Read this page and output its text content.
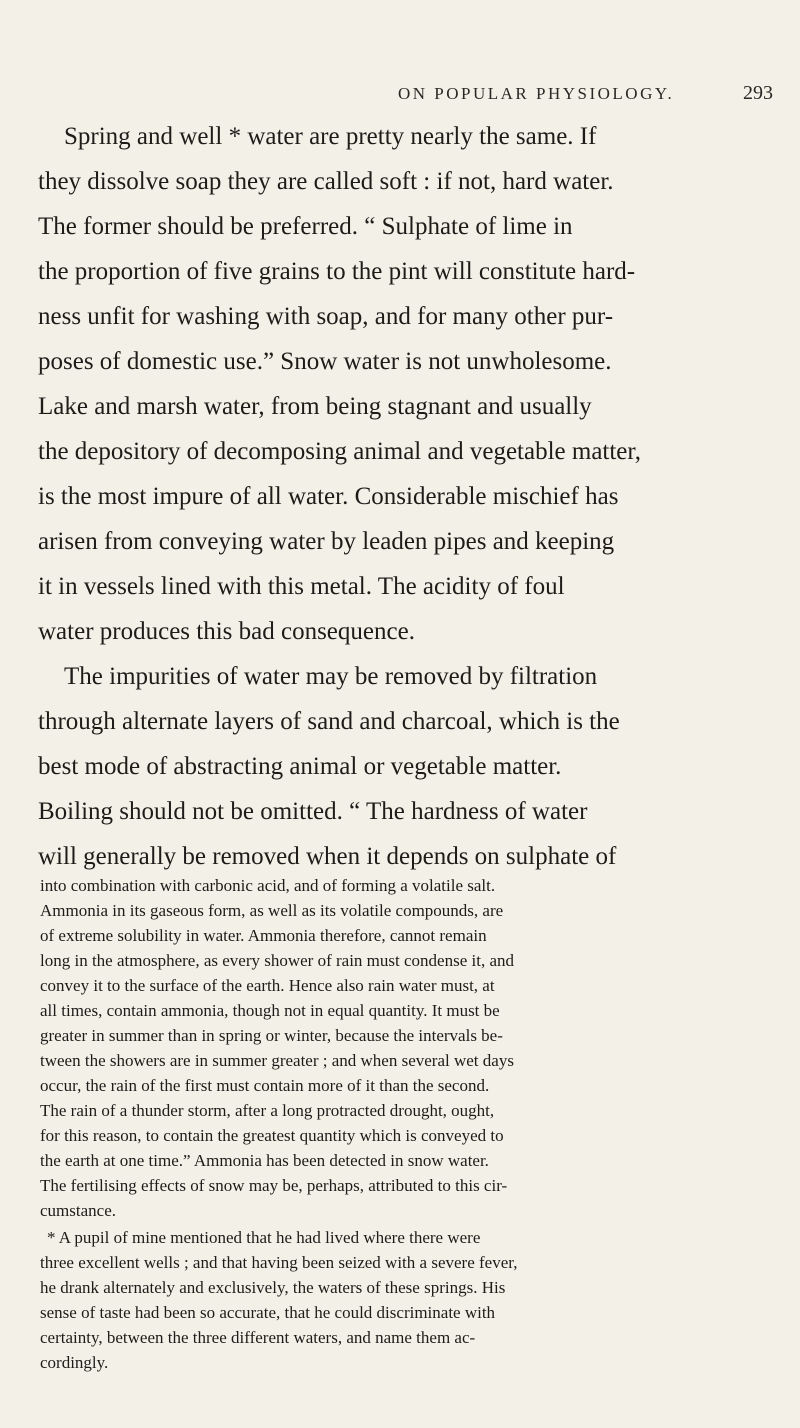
ON POPULAR PHYSIOLOGY.	293
Spring and well * water are pretty nearly the same. If
they dissolve soap they are called soft : if not, hard water.
The former should be preferred. “ Sulphate of lime in
the proportion of five grains to the pint will constitute hard-
ness unfit for washing with soap, and for many other pur-
poses of domestic use.” Snow water is not unwholesome.
Lake and marsh water, from being stagnant and usually
the depository of decomposing animal and vegetable matter,
is the most impure of all water. Considerable mischief has
arisen from conveying water by leaden pipes and keeping
it in vessels lined with this metal. The acidity of foul
water produces this bad consequence.
The impurities of water may be removed by filtration
through alternate layers of sand and charcoal, which is the
best mode of abstracting animal or vegetable matter.
Boiling should not be omitted. “ The hardness of water
will generally be removed when it depends on sulphate of
into combination with carbonic acid, and of forming a volatile salt.
Ammonia in its gaseous form, as well as its volatile compounds, are
of extreme solubility in water. Ammonia therefore, cannot remain
long in the atmosphere, as every shower of rain must condense it, and
convey it to the surface of the earth. Hence also rain water must, at
all times, contain ammonia, though not in equal quantity. It must be
greater in summer than in spring or winter, because the intervals be-
tween the showers are in summer greater ; and when several wet days
occur, the rain of the first must contain more of it than the second.
The rain of a thunder storm, after a long protracted drought, ought,
for this reason, to contain the greatest quantity which is conveyed to
the earth at one time.” Ammonia has been detected in snow water.
The fertilising effects of snow may be, perhaps, attributed to this cir-
cumstance.
* A pupil of mine mentioned that he had lived where there were
three excellent wells ; and that having been seized with a severe fever,
he drank alternately and exclusively, the waters of these springs. His
sense of taste had been so accurate, that he could discriminate with
certainty, between the three different waters, and name them ac-
cordingly.
